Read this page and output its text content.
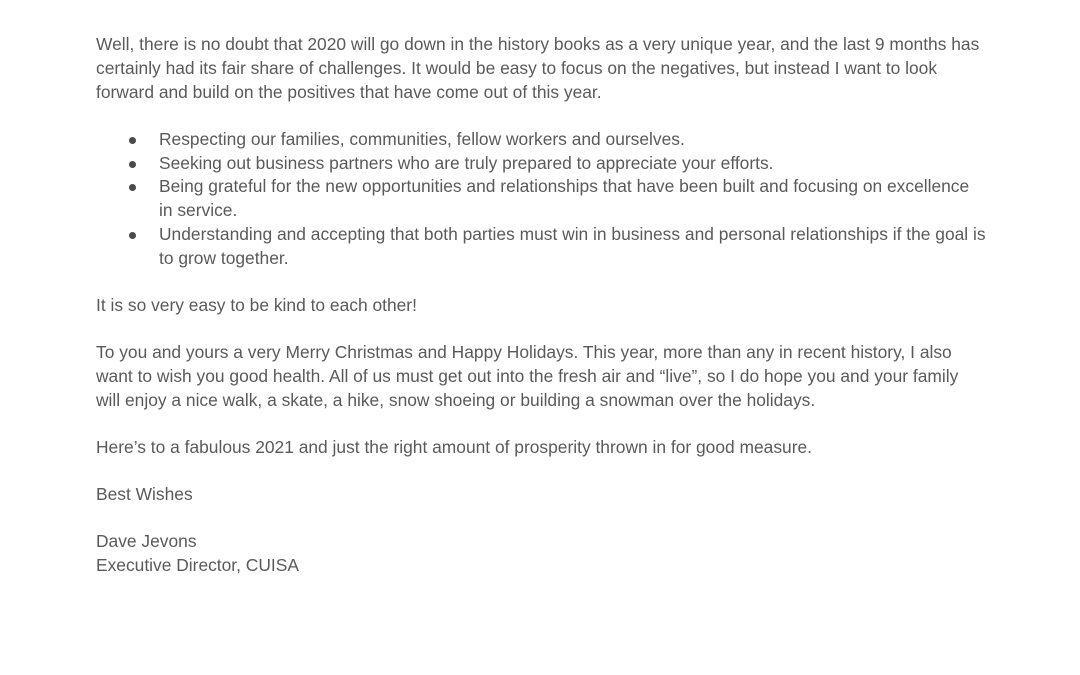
Well, there is no doubt that 2020 will go down in the history books as a very unique year, and the last 9 months has certainly had its fair share of challenges. It would be easy to focus on the negatives, but instead I want to look forward and build on the positives that have come out of this year.

Respecting our families, communities, fellow workers and ourselves.
Seeking out business partners who are truly prepared to appreciate your efforts.
Being grateful for the new opportunities and relationships that have been built and focusing on excellence in service.
Understanding and accepting that both parties must win in business and personal relationships if the goal is to grow together.

It is so very easy to be kind to each other!

To you and yours a very Merry Christmas and Happy Holidays. This year, more than any in recent history, I also want to wish you good health. All of us must get out into the fresh air and “live”, so I do hope you and your family will enjoy a nice walk, a skate, a hike, snow shoeing or building a snowman over the holidays.

Here’s to a fabulous 2021 and just the right amount of prosperity thrown in for good measure.

Best Wishes

Dave Jevons

Executive Director, CUISA
